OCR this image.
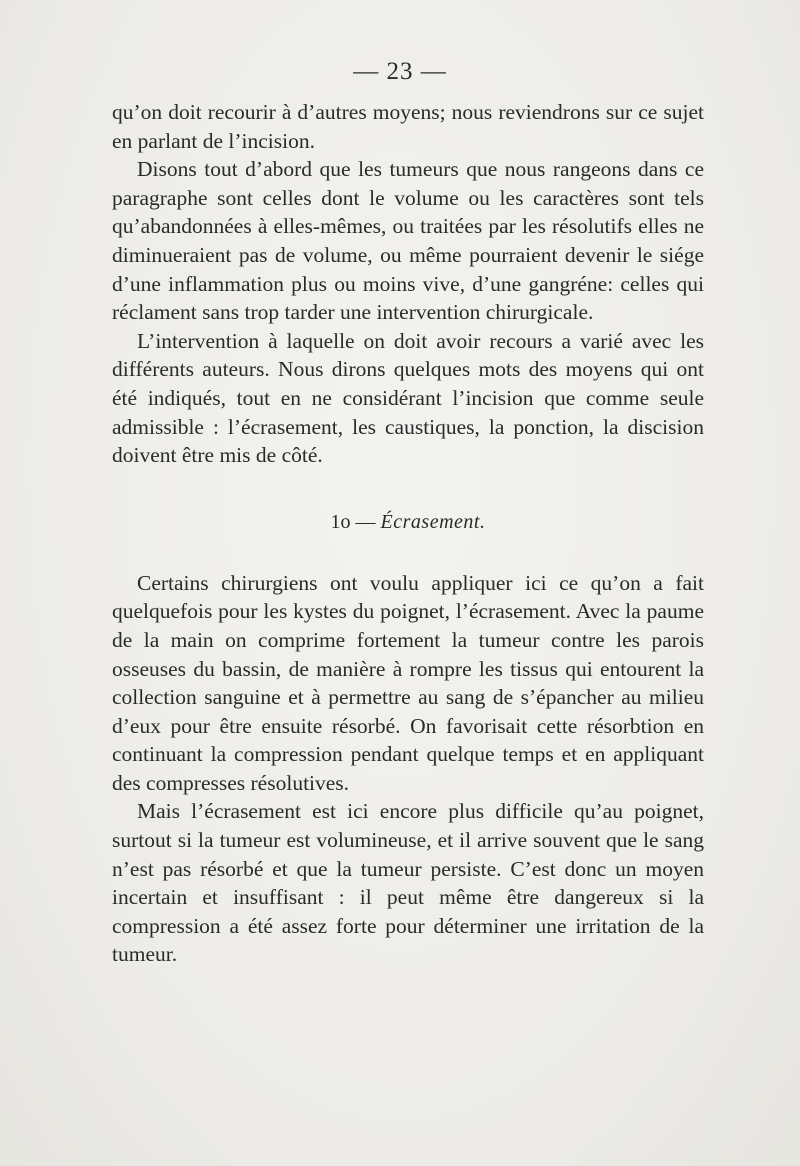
— 23 —

qu’on doit recourir à d’autres moyens; nous reviendrons sur ce sujet en parlant de l’incision.

Disons tout d’abord que les tumeurs que nous rangeons dans ce paragraphe sont celles dont le volume ou les caractères sont tels qu’abandonnées à elles-mêmes, ou traitées par les résolutifs elles ne diminueraient pas de volume, ou même pourraient devenir le siége d’une inflammation plus ou moins vive, d’une gangréne: celles qui réclament sans trop tarder une intervention chirurgicale.

L’intervention à laquelle on doit avoir recours a varié avec les différents auteurs. Nous dirons quelques mots des moyens qui ont été indiqués, tout en ne considérant l’incision que comme seule admissible : l’écrasement, les caustiques, la ponction, la discision doivent être mis de côté.

1o — Écrasement.

Certains chirurgiens ont voulu appliquer ici ce qu’on a fait quelquefois pour les kystes du poignet, l’écrasement. Avec la paume de la main on comprime fortement la tumeur contre les parois osseuses du bassin, de manière à rompre les tissus qui entourent la collection sanguine et à permettre au sang de s’épancher au milieu d’eux pour être ensuite résorbé. On favorisait cette résorbtion en continuant la compression pendant quelque temps et en appliquant des compresses résolutives.

Mais l’écrasement est ici encore plus difficile qu’au poignet, surtout si la tumeur est volumineuse, et il arrive souvent que le sang n’est pas résorbé et que la tumeur persiste. C’est donc un moyen incertain et insuffisant : il peut même être dangereux si la compression a été assez forte pour déterminer une irritation de la tumeur.
